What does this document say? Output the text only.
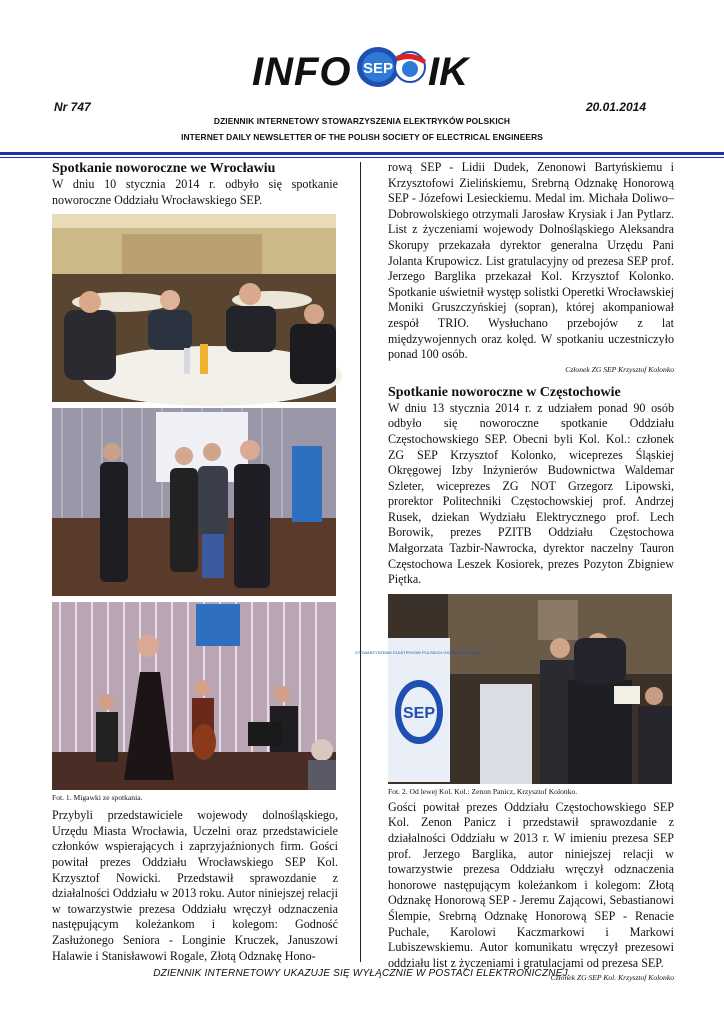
INFO SEP IK
Nr 747	20.01.2014
DZIENNIK INTERNETOWY STOWARZYSZENIA ELEKTRYKÓW POLSKICH
INTERNET DAILY NEWSLETTER OF THE POLISH SOCIETY OF ELECTRICAL ENGINEERS
Spotkanie noworoczne we Wrocławiu

W dniu 10 stycznia 2014 r. odbyło się spotkanie noworoczne Oddziału Wrocławskiego SEP.

Fot. 1. Migawki ze spotkania.

Przybyli przedstawiciele wojewody dolnośląskiego, Urzędu Miasta Wrocławia, Uczelni oraz przedstawiciele członków wspierających i zaprzyjaźnionych firm. Gości powitał prezes Oddziału Wrocławskiego SEP Kol. Krzysztof Nowicki. Przedstawił sprawozdanie z działalności Oddziału w 2013 roku. Autor niniejszej relacji w towarzystwie prezesa Oddziału wręczył odznaczenia następującym koleżankom i kolegom: Godność Zasłużonego Seniora - Longinie Kruczek, Januszowi Halawie i Stanisławowi Rogale, Złotą Odznakę Hono-

rową SEP - Lidii Dudek, Zenonowi Bartyńskiemu i Krzysztofowi Zielińskiemu, Srebrną Odznakę Honorową SEP - Józefowi Lesieckiemu. Medal im. Michała Doliwo–Dobrowolskiego otrzymali Jarosław Krysiak i Jan Pytlarz. List z życzeniami wojewody Dolnośląskiego Aleksandra Skorupy przekazała dyrektor generalna Urzędu Pani Jolanta Krupowicz. List gratulacyjny od prezesa SEP prof. Jerzego Barglika przekazał Kol. Krzysztof Kolonko. Spotkanie uświetnił występ solistki Operetki Wrocławskiej Moniki Gruszczyńskiej (sopran), której akompaniował zespół TRIO. Wysłuchano przebojów z lat międzywojennych oraz kolęd. W spotkaniu uczestniczyło ponad 100 osób.

Członek ZG SEP Krzysztof Kolonko

Spotkanie noworoczne w Częstochowie

W dniu 13 stycznia 2014 r. z udziałem ponad 90 osób odbyło się noworoczne spotkanie Oddziału Częstochowskiego SEP. Obecni byli Kol. Kol.: członek ZG SEP Krzysztof Kolonko, wiceprezes Śląskiej Okręgowej Izby Inżynierów Budownictwa Waldemar Szleter, wiceprezes ZG NOT Grzegorz Lipowski, prorektor Politechniki Częstochowskiej prof. Andrzej Rusek, dziekan Wydziału Elektrycznego prof. Lech Borowik, prezes PZITB Oddziału Częstochowa Małgorzata Tazbir-Nawrocka, dyrektor naczelny Tauron Częstochowa Leszek Kosiorek, prezes Pozyton Zbigniew Piętka.

STOWARZYSZENIE ELEKTRYKÓW POLSKICH O/CZĘSTOCHOWSKI
SEP

Fot. 2. Od lewej Kol. Kol.: Zenon Panicz, Krzysztof Kolonko.

Gości powitał prezes Oddziału Częstochowskiego SEP Kol. Zenon Panicz i przedstawił sprawozdanie z działalności Oddziału w 2013 r. W imieniu prezesa SEP prof. Jerzego Barglika, autor niniejszej relacji w towarzystwie prezesa Oddziału wręczył odznaczenia honorowe następującym koleżankom i kolegom: Złotą Odznakę Honorową SEP - Jeremu Zającowi, Sebastianowi Ślempie, Srebrną Odznakę Honorową SEP - Renacie Puchale, Karolowi Kaczmarkowi i Markowi Lubiszewskiemu. Autor komunikatu wręczył prezesowi oddziału list z życzeniami i gratulacjami od prezesa SEP.

Członek ZG SEP Kol. Krzysztof Kolonko

DZIENNIK INTERNETOWY UKAZUJE SIĘ WYŁĄCZNIE W POSTACI ELEKTRONICZNEJ.
